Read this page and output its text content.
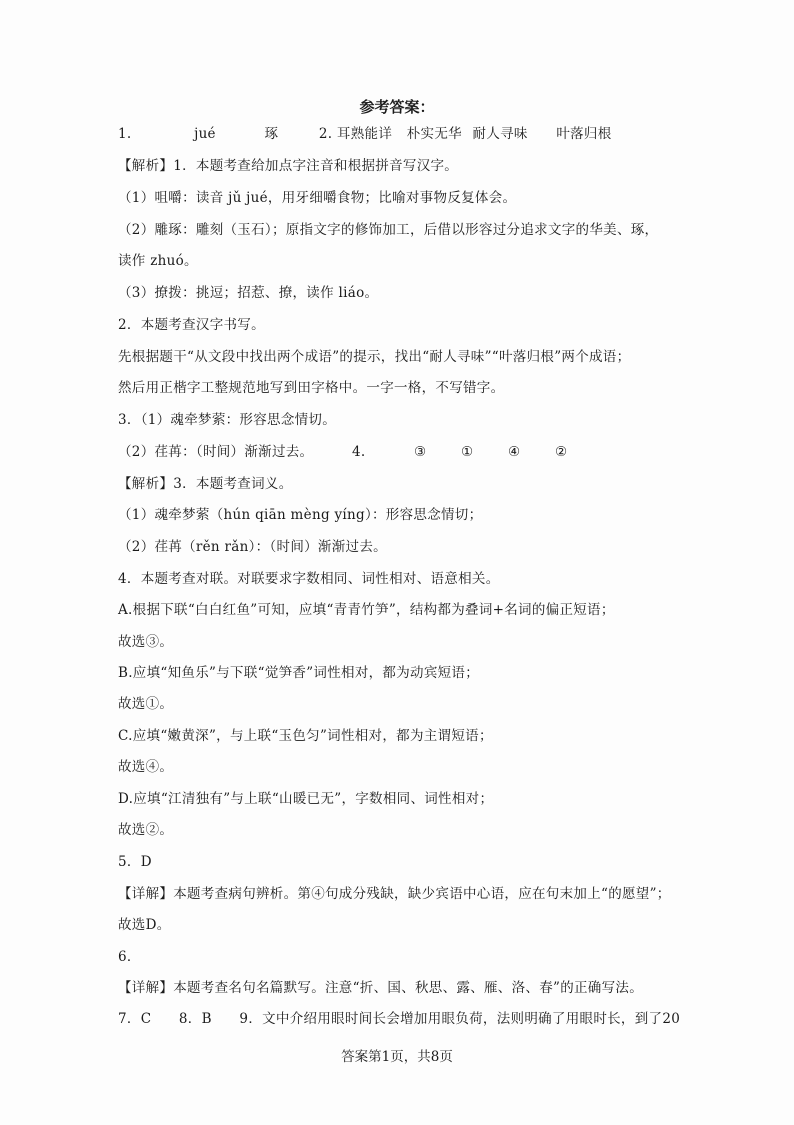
参考答案：
1.	jué	琢	2. 耳熟能详 朴实无华 耐人寻味 叶落归根
【解析】1．本题考查给加点字注音和根据拼音写汉字。
（1）咀嚼：读音 jǔ jué，用牙细嚼食物；比喻对事物反复体会。
（2）雕琢：雕刻（玉石）；原指文字的修饰加工，后借以形容过分追求文字的华美、琢，
读作 zhuó。
（3）撩拨：挑逗；招惹、撩，读作 liáo。
2．本题考查汉字书写。
先根据题干“从文段中找出两个成语”的提示，找出“耐人寻味”“叶落归根”两个成语；
然后用正楷字工整规范地写到田字格中。一字一格，不写错字。
3．（1）魂牵梦萦：形容思念情切。
（2）荏苒：（时间）渐渐过去。	4.	③	①	④	②
【解析】3．本题考查词义。
（1）魂牵梦萦（hún qiān mèng yíng）：形容思念情切；
（2）荏苒（rěn rǎn）：（时间）渐渐过去。
4．本题考查对联。对联要求字数相同、词性相对、语意相关。
A.根据下联“白白红鱼”可知，应填“青青竹笋”，结构都为叠词+名词的偏正短语；
故选③。
B.应填“知鱼乐”与下联“觉笋香”词性相对，都为动宾短语；
故选①。
C.应填“嫩黄深”，与上联“玉色匀”词性相对，都为主谓短语；
故选④。
D.应填“江清独有”与上联“山暖已无”，字数相同、词性相对；
故选②。
5．D
【详解】本题考查病句辨析。第④句成分残缺，缺少宾语中心语，应在句末加上“的愿望”；
故选D。
6．
【详解】本题考查名句名篇默写。注意“折、国、秋思、露、雁、洛、春”的正确写法。
7．C　　8．B　　9．文中介绍用眼时间长会增加用眼负荷，法则明确了用眼时长，到了20
答案第1页，共8页
